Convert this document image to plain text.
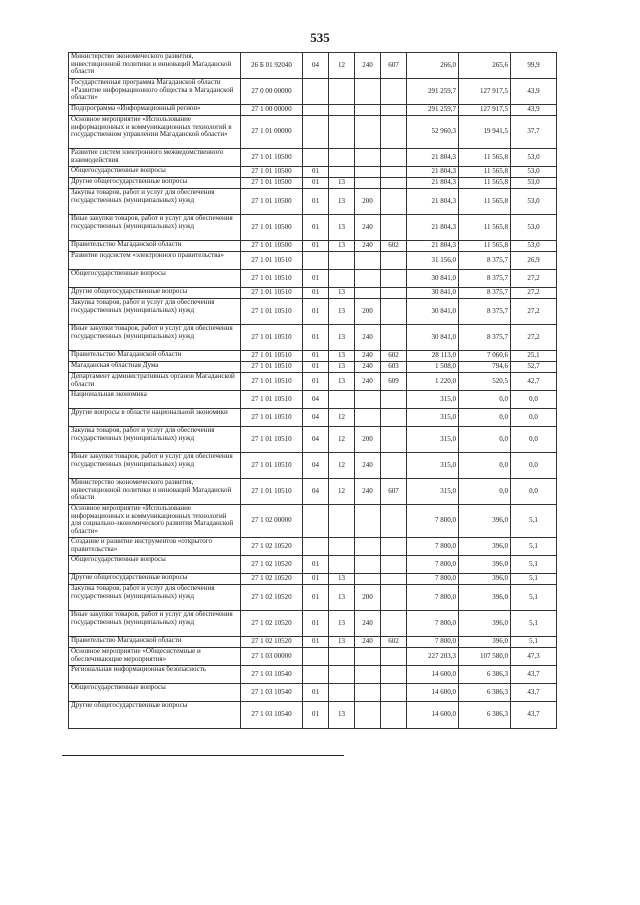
535
Министерство экономического развития, инвестиционной политики и инноваций Магаданской области	26 Б 01 92040	04	12	240	607	266,0	265,6	99,9
Государственная программа Магаданской области «Развитие информационного общества в Магаданской области»	27 0 00 00000					291 259,7	127 917,5	43,9
Подпрограмма «Информационный регион»	27 1 00 00000					291 259,7	127 917,5	43,9
Основное мероприятие «Использование информационных и коммуникационных технологий в государственном управлении Магаданской области»	27 1 01 00000					52 960,3	19 941,5	37,7
Развитие систем электронного межведомственного взаимодействия	27 1 01 10500					21 804,3	11 565,8	53,0
Общегосударственные вопросы	27 1 01 10500	01				21 804,3	11 565,8	53,0
Другие общегосударственные вопросы	27 1 01 10500	01	13			21 804,3	11 565,8	53,0
Закупка товаров, работ и услуг для обеспечения государственных (муниципальных) нужд	27 1 01 10500	01	13	200		21 804,3	11 565,8	53,0
Иные закупки товаров, работ и услуг для обеспечения государственных (муниципальных) нужд	27 1 01 10500	01	13	240		21 804,3	11 565,8	53,0
Правительство Магаданской области	27 1 01 10500	01	13	240	602	21 804,3	11 565,8	53,0
Развитие подсистем «электронного правительства»	27 1 01 10510					31 156,0	8 375,7	26,9
Общегосударственные вопросы	27 1 01 10510	01				30 841,0	8 375,7	27,2
Другие общегосударственные вопросы	27 1 01 10510	01	13			30 841,0	8 375,7	27,2
Закупка товаров, работ и услуг для обеспечения государственных (муниципальных) нужд	27 1 01 10510	01	13	200		30 841,0	8 375,7	27,2
Иные закупки товаров, работ и услуг для обеспечения государственных (муниципальных) нужд	27 1 01 10510	01	13	240		30 841,0	8 375,7	27,2
Правительство Магаданской области	27 1 01 10510	01	13	240	602	28 113,0	7 060,6	25,1
Магаданская областная Дума	27 1 01 10510	01	13	240	603	1 508,0	794,6	52,7
Департамент административных органов Магаданской области	27 1 01 10510	01	13	240	609	1 220,0	520,5	42,7
Национальная экономика	27 1 01 10510	04				315,0	0,0	0,0
Другие вопросы в области национальной экономики	27 1 01 10510	04	12			315,0	0,0	0,0
Закупка товаров, работ и услуг для обеспечения государственных (муниципальных) нужд	27 1 01 10510	04	12	200		315,0	0,0	0,0
Иные закупки товаров, работ и услуг для обеспечения государственных (муниципальных) нужд	27 1 01 10510	04	12	240		315,0	0,0	0,0
Министерство экономического развития, инвестиционной политики и инноваций Магаданской области	27 1 01 10510	04	12	240	607	315,0	0,0	0,0
Основное мероприятие «Использование информационных и коммуникационных технологий для социально-экономического развития Магаданской области»	27 1 02 00000					7 800,0	396,0	5,1
Создание и развитие инструментов «открытого правительства»	27 1 02 10520					7 800,0	396,0	5,1
Общегосударственные вопросы	27 1 02 10520	01				7 800,0	396,0	5,1
Другие общегосударственные вопросы	27 1 02 10520	01	13			7 800,0	396,0	5,1
Закупка товаров, работ и услуг для обеспечения государственных (муниципальных) нужд	27 1 02 10520	01	13	200		7 800,0	396,0	5,1
Иные закупки товаров, работ и услуг для обеспечения государственных (муниципальных) нужд	27 1 02 10520	01	13	240		7 800,0	396,0	5,1
Правительство Магаданской области	27 1 02 10520	01	13	240	602	7 800,0	396,0	5,1
Основное мероприятие «Общесистемные и обеспечивающие мероприятия»	27 1 03 00000					227 203,3	107 580,0	47,3
Региональная информационная безопасность	27 1 03 10540					14 600,0	6 386,3	43,7
Общегосударственные вопросы	27 1 03 10540	01				14 600,0	6 386,3	43,7
Другие общегосударственные вопросы	27 1 03 10540	01	13			14 600,0	6 386,3	43,7
